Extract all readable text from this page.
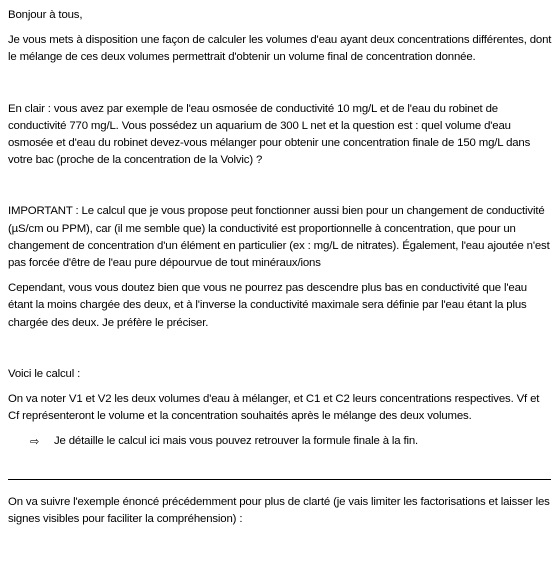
Bonjour à tous,

Je vous mets à disposition une façon de calculer les volumes d'eau ayant deux concentrations différentes, dont le mélange de ces deux volumes permettrait d'obtenir un volume final de concentration donnée.

En clair : vous avez par exemple de l'eau osmosée de conductivité 10 mg/L et de l'eau du robinet de conductivité 770 mg/L. Vous possédez un aquarium de 300 L net et la question est : quel volume d'eau osmosée et d'eau du robinet devez-vous mélanger pour obtenir une concentration finale de 150 mg/L dans votre bac (proche de la concentration de la Volvic) ?

IMPORTANT : Le calcul que je vous propose peut fonctionner aussi bien pour un changement de conductivité (µS/cm ou PPM), car (il me semble que) la conductivité est proportionnelle à concentration, que pour un changement de concentration d'un élément en particulier (ex : mg/L de nitrates). Également, l'eau ajoutée n'est pas forcée d'être de l'eau pure dépourvue de tout minéraux/ions

Cependant, vous vous doutez bien que vous ne pourrez pas descendre plus bas en conductivité que l'eau étant la moins chargée des deux, et à l'inverse la conductivité maximale sera définie par l'eau étant la plus chargée des deux. Je préfère le préciser.

Voici le calcul :

On va noter V1 et V2 les deux volumes d'eau à mélanger, et C1 et C2 leurs concentrations respectives. Vf et Cf représenteront le volume et la concentration souhaités après le mélange des deux volumes.

⇨	Je détaille le calcul ici mais vous pouvez retrouver la formule finale à la fin.

On va suivre l'exemple énoncé précédemment pour plus de clarté (je vais limiter les factorisations et laisser les signes visibles pour faciliter la compréhension) :
